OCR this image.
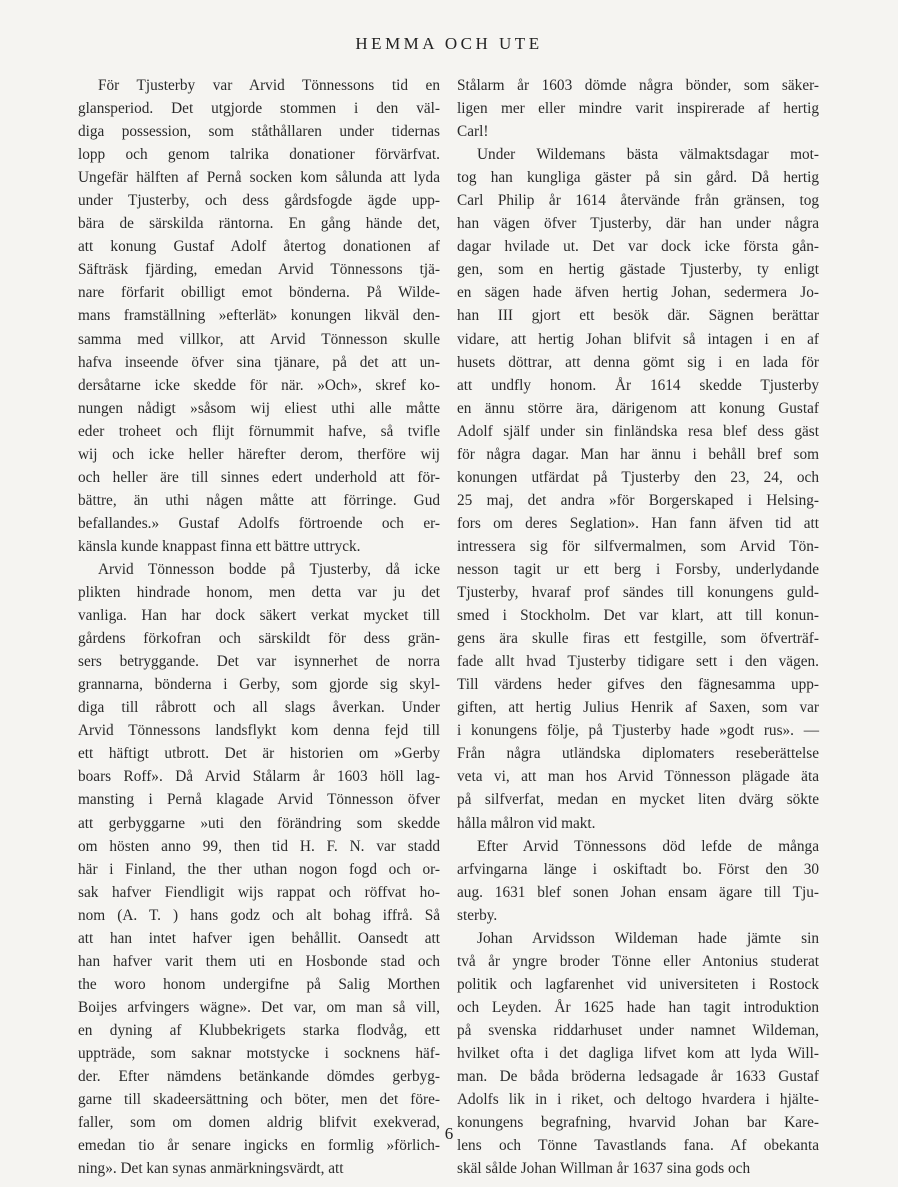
HEMMA OCH UTE

För Tjusterby var Arvid Tönnessons tid en
glansperiod. Det utgjorde stommen i den väl-
diga possession, som ståthållaren under tidernas
lopp och genom talrika donationer förvärfvat.
Ungefär hälften af Pernå socken kom sålunda att lyda
under Tjusterby, och dess gårdsfogde ägde upp-
bära de särskilda räntorna. En gång hände det,
att konung Gustaf Adolf återtog donationen af
Säfträsk fjärding, emedan Arvid Tönnessons tjä-
nare förfarit obilligt emot bönderna. På Wilde-
mans framställning »efterlät» konungen likväl den-
samma med villkor, att Arvid Tönnesson skulle
hafva inseende öfver sina tjänare, på det att un-
dersåtarne icke skedde för när. »Och», skref ko-
nungen nådigt »såsom wij eliest uthi alle måtte
eder troheet och flijt förnummit hafve, så tvifle
wij och icke heller härefter derom, therföre wij
och heller äre till sinnes edert underhold att för-
bättre, än uthi någen måtte att förringe. Gud
befallandes.» Gustaf Adolfs förtroende och er-
känsla kunde knappast finna ett bättre uttryck.

Arvid Tönnesson bodde på Tjusterby, då icke
plikten hindrade honom, men detta var ju det
vanliga. Han har dock säkert verkat mycket till
gårdens förkofran och särskildt för dess grän-
sers betryggande. Det var isynnerhet de norra
grannarna, bönderna i Gerby, som gjorde sig skyl-
diga till råbrott och all slags åverkan. Under
Arvid Tönnessons landsflykt kom denna fejd till
ett häftigt utbrott. Det är historien om »Gerby
boars Roff». Då Arvid Stålarm år 1603 höll lag-
mansting i Pernå klagade Arvid Tönnesson öfver
att gerbyggarne »uti den förändring som skedde
om hösten anno 99, then tid H. F. N. var stadd
här i Finland, the ther uthan nogon fogd och or-
sak hafver Fiendligit wijs rappat och röffvat ho-
nom (A. T. ) hans godz och alt bohag iffrå. Så
att han intet hafver igen behållit. Oansedt att
han hafver varit them uti en Hosbonde stad och
the woro honom undergifne på Salig Morthen
Boijes arfvingers wägne». Det var, om man så vill,
en dyning af Klubbekrigets starka flodvåg, ett
uppträde, som saknar motstycke i socknens häf-
der. Efter nämdens betänkande dömdes gerbyg-
garne till skadeersättning och böter, men det före-
faller, som om domen aldrig blifvit exekverad,
emedan tio år senare ingicks en formlig »förlich-
ning». Det kan synas anmärkningsvärdt, att

Stålarm år 1603 dömde några bönder, som säker-
ligen mer eller mindre varit inspirerade af hertig
Carl!

Under Wildemans bästa välmaktsdagar mot-
tog han kungliga gäster på sin gård. Då hertig
Carl Philip år 1614 återvände från gränsen, tog
han vägen öfver Tjusterby, där han under några
dagar hvilade ut. Det var dock icke första gån-
gen, som en hertig gästade Tjusterby, ty enligt
en sägen hade äfven hertig Johan, sedermera Jo-
han III gjort ett besök där. Sägnen berättar
vidare, att hertig Johan blifvit så intagen i en af
husets döttrar, att denna gömt sig i en lada för
att undfly honom. År 1614 skedde Tjusterby
en ännu större ära, därigenom att konung Gustaf
Adolf själf under sin finländska resa blef dess gäst
för några dagar. Man har ännu i behåll bref som
konungen utfärdat på Tjusterby den 23, 24, och
25 maj, det andra »för Borgerskaped i Helsing-
fors om deres Seglation». Han fann äfven tid att
intressera sig för silfvermalmen, som Arvid Tön-
nesson tagit ur ett berg i Forsby, underlydande
Tjusterby, hvaraf prof sändes till konungens guld-
smed i Stockholm. Det var klart, att till konun-
gens ära skulle firas ett festgille, som öfverträf-
fade allt hvad Tjusterby tidigare sett i den vägen.
Till värdens heder gifves den fägnesamma upp-
giften, att hertig Julius Henrik af Saxen, som var
i konungens följe, på Tjusterby hade »godt rus». —
Från några utländska diplomaters reseberättelse
veta vi, att man hos Arvid Tönnesson plägade äta
på silfverfat, medan en mycket liten dvärg sökte
hålla målron vid makt.

Efter Arvid Tönnessons död lefde de många
arfvingarna länge i oskiftadt bo. Först den 30
aug. 1631 blef sonen Johan ensam ägare till Tju-
sterby.

Johan Arvidsson Wildeman hade jämte sin
två år yngre broder Tönne eller Antonius studerat
politik och lagfarenhet vid universiteten i Rostock
och Leyden. År 1625 hade han tagit introduktion
på svenska riddarhuset under namnet Wildeman,
hvilket ofta i det dagliga lifvet kom att lyda Will-
man. De båda bröderna ledsagade år 1633 Gustaf
Adolfs lik in i riket, och deltogo hvardera i hjälte-
konungens begrafning, hvarvid Johan bar Kare-
lens och Tönne Tavastlands fana. Af obekanta
skäl sålde Johan Willman år 1637 sina gods och

6
